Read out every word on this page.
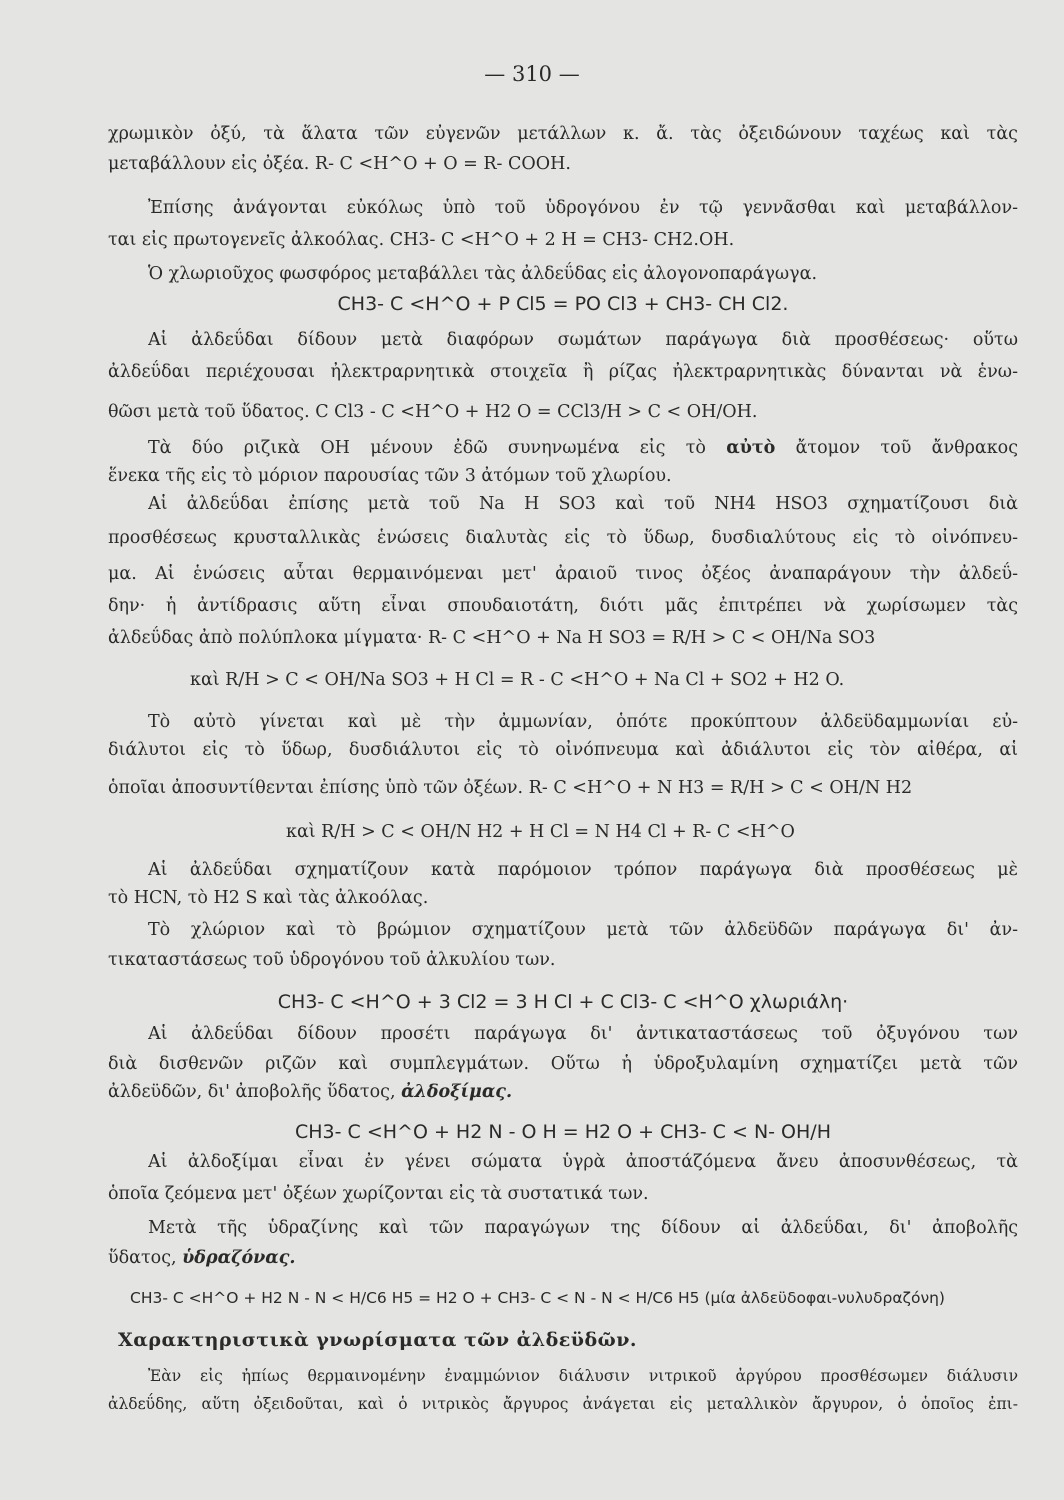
— 310 —
χρωμικὸν ὀξύ, τὰ ἅλατα τῶν εὐγενῶν μετάλλων κ. ἄ. τὰς ὀξειδώνουν ταχέως καὶ τὰς
μεταβάλλουν εἰς ὀξέα. R- C <Η^Ο + Ο = R- COOH.
Ἐπίσης ἀνάγονται εὐκόλως ὑπὸ τοῦ ὑδρογόνου ἐν τῷ γεννᾶσθαι καὶ μεταβάλλον-
ται εἰς πρωτογενεῖς ἀλκοόλας. CH3- C <Η^Ο + 2 H = CH3- CH2.OH.
Ὁ χλωριοῦχος φωσφόρος μεταβάλλει τὰς ἀλδεΰδας εἰς ἀλογονοπαράγωγα.
CH3- C <Η^Ο + P Cl5 = PO Cl3 + CH3- CH Cl2.
Αἱ ἀλδεΰδαι δίδουν μετὰ διαφόρων σωμάτων παράγωγα διὰ προσθέσεως· οὕτω
ἀλδεΰδαι περιέχουσαι ἠλεκτραρνητικὰ στοιχεῖα ἢ ρίζας ἠλεκτραρνητικὰς δύνανται νὰ ἑνω-
θῶσι μετὰ τοῦ ὕδατος. C Cl3 - C <Η^Ο + H2 O = CCl3/H > C < OH/OH.
Τὰ δύο ριζικὰ OH μένουν ἐδῶ συνηνωμένα εἰς τὸ αὐτὸ ἄτομον τοῦ ἄνθρακος
ἕνεκα τῆς εἰς τὸ μόριον παρουσίας τῶν 3 ἀτόμων τοῦ χλωρίου.
Αἱ ἀλδεΰδαι ἐπίσης μετὰ τοῦ Na H SO3 καὶ τοῦ NH4 HSO3 σχηματίζουσι διὰ
προσθέσεως κρυσταλλικὰς ἑνώσεις διαλυτὰς εἰς τὸ ὕδωρ, δυσδιαλύτους εἰς τὸ οἰνόπνευ-
μα. Αἱ ἑνώσεις αὗται θερμαινόμεναι μετ' ἀραιοῦ τινος ὀξέος ἀναπαράγουν τὴν ἀλδεΰ-
δην· ἡ ἀντίδρασις αὕτη εἶναι σπουδαιοτάτη, διότι μᾶς ἐπιτρέπει νὰ χωρίσωμεν τὰς
ἀλδεΰδας ἀπὸ πολύπλοκα μίγματα· R- C <Η^Ο + Na H SO3 = R/H > C < OH/Na SO3
καὶ R/H > C < OH/Na SO3 + H Cl = R - C <Η^Ο + Na Cl + SO2 + H2 O.
Τὸ αὐτὸ γίνεται καὶ μὲ τὴν ἀμμωνίαν, ὁπότε προκύπτουν ἀλδεϋδαμμωνίαι εὐ-
διάλυτοι εἰς τὸ ὕδωρ, δυσδιάλυτοι εἰς τὸ οἰνόπνευμα καὶ ἀδιάλυτοι εἰς τὸν αἰθέρα, αἱ
ὁποῖαι ἀποσυντίθενται ἐπίσης ὑπὸ τῶν ὀξέων. R- C <Η^Ο + N H3 = R/H > C < OH/N H2
καὶ R/H > C < OH/N H2 + H Cl = N H4 Cl + R- C <Η^Ο
Αἱ ἀλδεΰδαι σχηματίζουν κατὰ παρόμοιον τρόπον παράγωγα διὰ προσθέσεως μὲ
τὸ HCN, τὸ H2 S καὶ τὰς ἀλκοόλας.
Τὸ χλώριον καὶ τὸ βρώμιον σχηματίζουν μετὰ τῶν ἀλδεϋδῶν παράγωγα δι' ἀν-
τικαταστάσεως τοῦ ὑδρογόνου τοῦ ἀλκυλίου των.
CH3- C <Η^Ο + 3 Cl2 = 3 H Cl + C Cl3- C <Η^Ο χλωριάλη·
Αἱ ἀλδεΰδαι δίδουν προσέτι παράγωγα δι' ἀντικαταστάσεως τοῦ ὀξυγόνου των
διὰ δισθενῶν ριζῶν καὶ συμπλεγμάτων. Οὕτω ἡ ὑδροξυλαμίνη σχηματίζει μετὰ τῶν
ἀλδεϋδῶν, δι' ἀποβολῆς ὕδατος, ἀλδοξίμας.
CH3- C <Η^Ο + H2 N - O H = H2 O + CH3- C < N- OH/H
Αἱ ἀλδοξίμαι εἶναι ἐν γένει σώματα ὑγρὰ ἀποστάζόμενα ἄνευ ἀποσυνθέσεως, τὰ
ὁποῖα ζεόμενα μετ' ὀξέων χωρίζονται εἰς τὰ συστατικά των.
Μετὰ τῆς ὑδραζίνης καὶ τῶν παραγώγων της δίδουν αἱ ἀλδεΰδαι, δι' ἀποβολῆς
ὕδατος, ὑδραζόνας.
CH3- C <Η^Ο + H2 N - N < H/C6 H5 = H2 O + CH3- C < N - N < H/C6 H5 (μία ἀλδεϋδοφαι-νυλυδραζόνη)
Χαρακτηριστικὰ γνωρίσματα τῶν ἀλδεϋδῶν.
Ἐὰν εἰς ἠπίως θερμαινομένην ἐναμμώνιον διάλυσιν νιτρικοῦ ἀργύρου προσθέσωμεν διάλυσιν
ἀλδεΰδης, αὕτη ὀξειδοῦται, καὶ ὁ νιτρικὸς ἄργυρος ἀνάγεται εἰς μεταλλικὸν ἄργυρον, ὁ ὁποῖος ἐπι-
